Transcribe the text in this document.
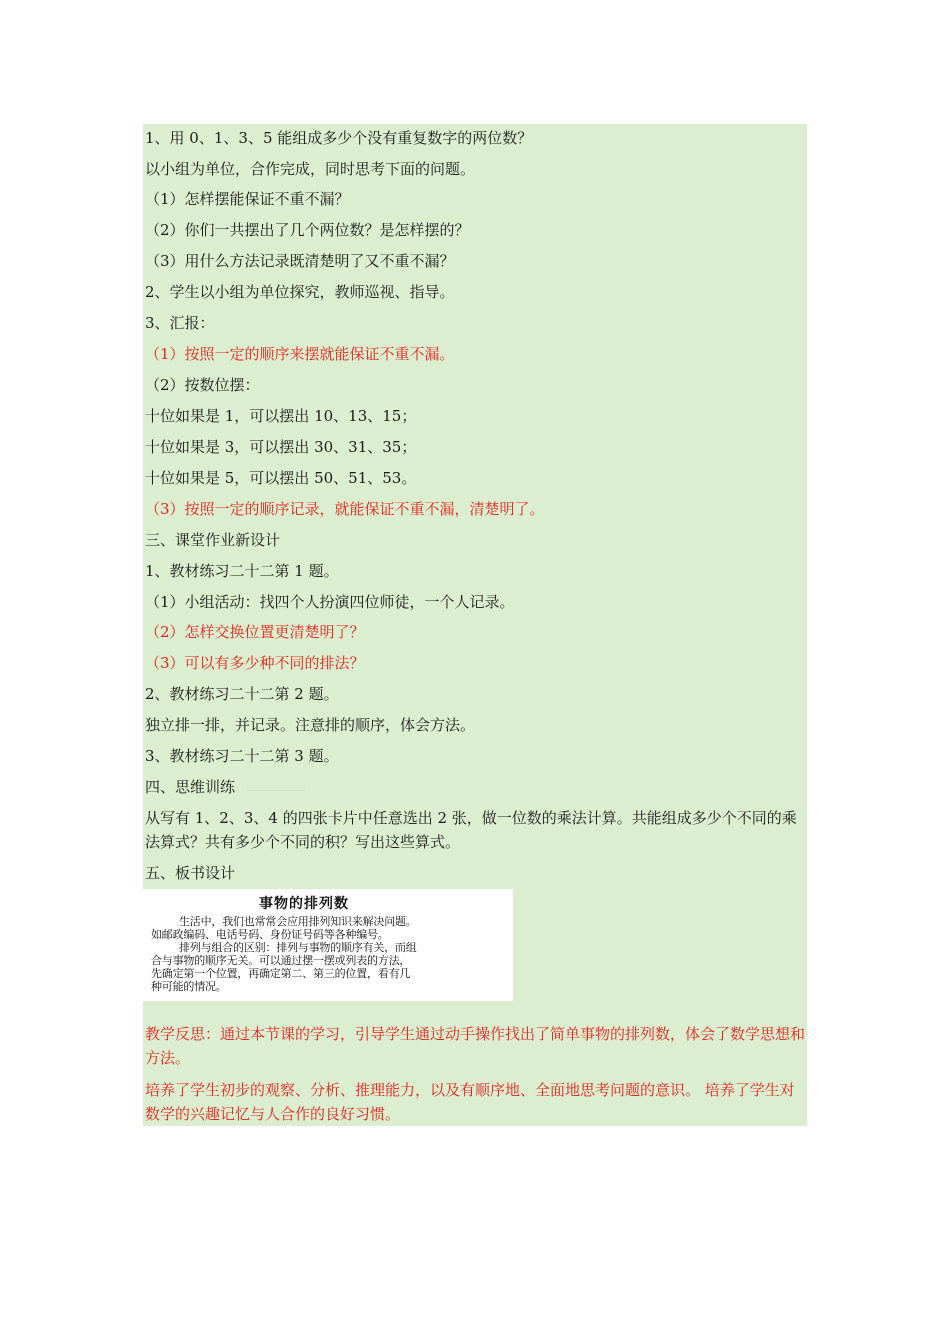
1、用 0、1、3、5 能组成多少个没有重复数字的两位数？
以小组为单位，合作完成，同时思考下面的问题。
（1）怎样摆能保证不重不漏？
（2）你们一共摆出了几个两位数？是怎样摆的？
（3）用什么方法记录既清楚明了又不重不漏？
2、学生以小组为单位探究，教师巡视、指导。
3、汇报：
（1）按照一定的顺序来摆就能保证不重不漏。
（2）按数位摆：
十位如果是 1，可以摆出 10、13、15；
十位如果是 3，可以摆出 30、31、35；
十位如果是 5，可以摆出 50、51、53。
（3）按照一定的顺序记录，就能保证不重不漏，清楚明了。
三、课堂作业新设计
1、教材练习二十二第 1 题。
（1）小组活动：找四个人扮演四位师徒，一个人记录。
（2）怎样交换位置更清楚明了？
（3）可以有多少种不同的排法？
2、教材练习二十二第 2 题。
独立排一排，并记录。注意排的顺序，体会方法。
3、教材练习二十二第 3 题。
四、思维训练
从写有 1、2、3、4 的四张卡片中任意选出 2 张，做一位数的乘法计算。共能组成多少个不同的乘法算式？共有多少个不同的积？写出这些算式。
五、板书设计
事物的排列数
生活中，我们也常常会应用排列知识来解决问题。
如邮政编码、电话号码、身份证号码等各种编号。
排列与组合的区别：排列与事物的顺序有关，而组
合与事物的顺序无关。可以通过摆一摆或列表的方法，
先确定第一个位置，再确定第二、第三的位置，看有几
种可能的情况。
教学反思：通过本节课的学习，引导学生通过动手操作找出了简单事物的排列数，体会了数学思想和方法。
培养了学生初步的观察、分析、推理能力，以及有顺序地、全面地思考问题的意识。 培养了学生对数学的兴趣记忆与人合作的良好习惯。
